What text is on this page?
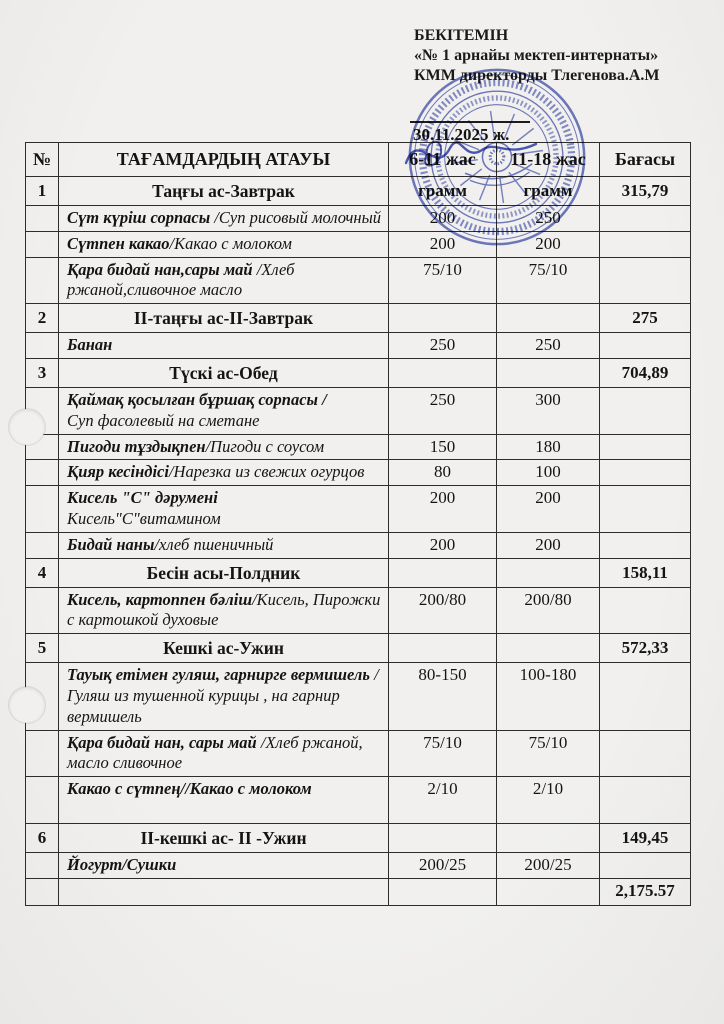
БЕКІТЕМІН
«№ 1 арнайы мектеп-интернаты»
КММ директорды Тлегенова.А.М
30.11.2025 ж.
№	ТАҒАМДАРДЫҢ АТАУЫ	6-11 жас	11-18 жас	Бағасы
1	Таңғы ас-Завтрак	грамм	грамм	315,79
	Сүт күріш сорпасы /Суп рисовый молочный	200	250	
	Сүтпен какао/Какао с молоком	200	200	
	Қара бидай нан,сары май /Хлеб ржаной,сливочное масло	75/10	75/10	
2	ІІ-таңғы ас-ІІ-Завтрак			275
	Банан	250	250	
3	Түскі ас-Обед			704,89
	Қаймақ қосылған бұршақ сорпасы /
Суп фасолевый на сметане	250	300	
	Пигоди тұздықпен/Пигоди с соусом	150	180	
	Қияр кесіндісі/Нарезка из свежих огурцов	80	100	
	Кисель "С" дәрумені
Кисель"С"витамином	200	200	
	Бидай наны/хлеб пшеничный	200	200	
4	Бесін асы-Полдник			158,11
	Кисель, картоппен бәліш/Кисель, Пирожки с картошкой духовые	200/80	200/80	
5	Кешкі ас-Ужин			572,33
	Тауық етімен гуляш, гарнирге вермишель / Гуляш из тушенной курицы , на гарнир вермишель	80-150	100-180	
	Қара бидай нан, сары май /Хлеб ржаной, масло сливочное	75/10	75/10	
	Какао с сүтпең//Какао с молоком	2/10	2/10	
6	ІІ-кешкі ас- ІІ -Ужин			149,45
	Йогурт/Сушки	200/25	200/25	
				2,175.57
